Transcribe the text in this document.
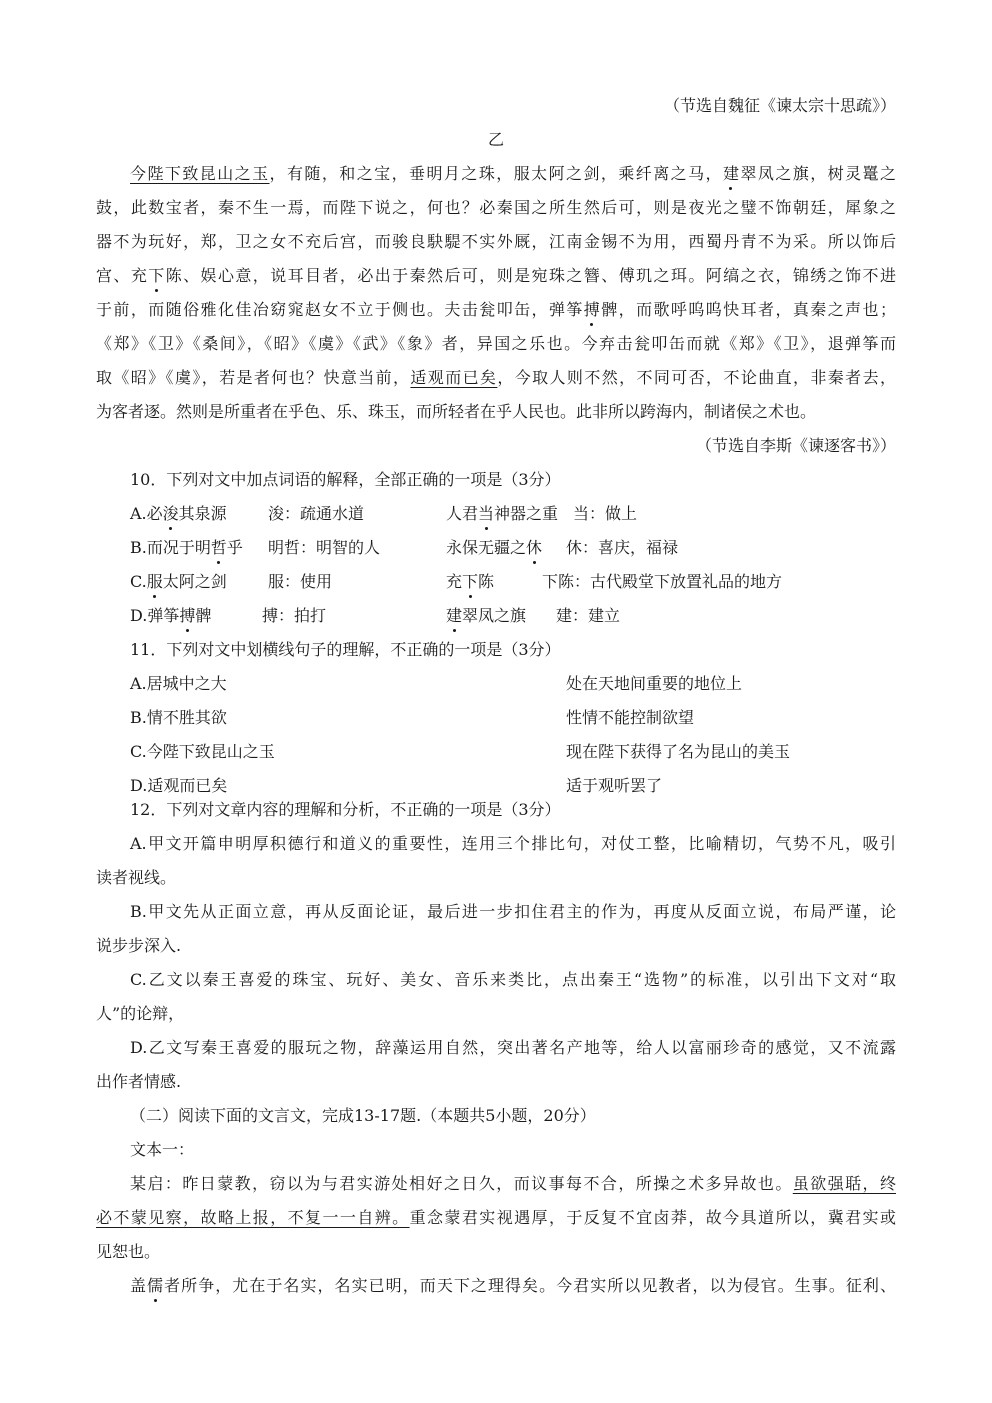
（节选自魏征《谏太宗十思疏》）
乙
今陛下致昆山之玉，有随，和之宝，垂明月之珠，服太阿之剑，乘纤离之马，建翠凤之旗，树灵鼍之
鼓，此数宝者，秦不生一焉，而陛下说之，何也？必秦国之所生然后可，则是夜光之璧不饰朝廷，犀象之
器不为玩好，郑，卫之女不充后宫，而骏良駃騠不实外厩，江南金锡不为用，西蜀丹青不为采。所以饰后
宫、充下陈、娱心意，说耳目者，必出于秦然后可，则是宛珠之簪、傅玑之珥。阿缟之衣，锦绣之饰不进
于前，而随俗雅化佳冶窈窕赵女不立于侧也。夫击瓮叩缶，弹筝搏髀，而歌呼呜呜快耳者，真秦之声也；
《郑》《卫》《桑间》，《昭》《虞》《武》《象》者，异国之乐也。今弃击瓮叩缶而就《郑》《卫》，退弹筝而
取《昭》《虞》，若是者何也？快意当前，适观而已矣，今取人则不然，不同可否，不论曲直，非秦者去，
为客者逐。然则是所重者在乎色、乐、珠玉，而所轻者在乎人民也。此非所以跨海内，制诸侯之术也。
（节选自李斯《谏逐客书》）
10．下列对文中加点词语的解释，全部正确的一项是（3分）
A.必浚其泉源	浚：疏通水道	人君当神器之重 当：做上
B.而况于明哲乎 明哲：明智的人	永保无疆之休 休：喜庆，福禄
C.服太阿之剑	服：使用	充下陈	下陈：古代殿堂下放置礼品的地方
D.弹筝搏髀	搏：拍打	建翠凤之旗 建：建立
11．下列对文中划横线句子的理解，不正确的一项是（3分）
A.居城中之大	处在天地间重要的地位上
B.情不胜其欲	性情不能控制欲望
C.今陛下致昆山之玉	现在陛下获得了名为昆山的美玉
D.适观而已矣	适于观听罢了
12．下列对文章内容的理解和分析，不正确的一项是（3分）
A.甲文开篇申明厚积德行和道义的重要性，连用三个排比句，对仗工整，比喻精切，气势不凡，吸引
读者视线。
B.甲文先从正面立意，再从反面论证，最后进一步扣住君主的作为，再度从反面立说，布局严谨，论
说步步深入.
C.乙文以秦王喜爱的珠宝、玩好、美女、音乐来类比，点出秦王“选物”的标准，以引出下文对“取
人”的论辩，
D.乙文写秦王喜爱的服玩之物，辞藻运用自然，突出著名产地等，给人以富丽珍奇的感觉，又不流露
出作者情感.
（二）阅读下面的文言文，完成13-17题.（本题共5小题，20分）
文本一：
某启：昨日蒙教，窃以为与君实游处相好之日久，而议事每不合，所操之术多异故也。虽欲强聒，终
必不蒙见察，故略上报，不复一一自辨。重念蒙君实视遇厚，于反复不宜卤莽，故今具道所以，冀君实或
见恕也。
盖儒者所争，尤在于名实，名实已明，而天下之理得矣。今君实所以见教者，以为侵官。生事。征利、
